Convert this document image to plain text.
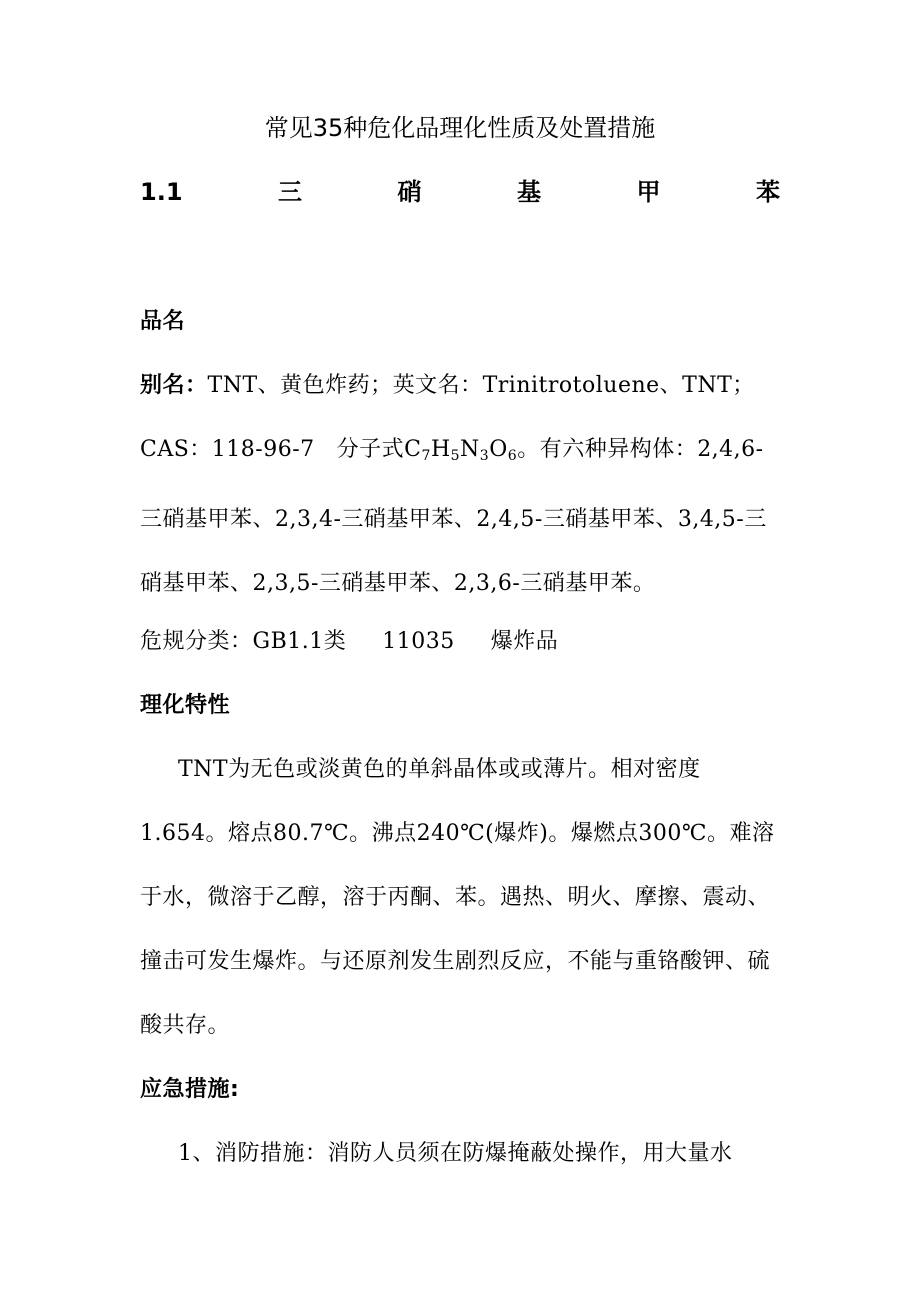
常见35种危化品理化性质及处置措施
1.1	三	硝	基	甲	苯

品名

别名：TNT、黄色炸药；英文名：Trinitrotoluene、TNT；
CAS：118-96-7 分子式$C_7H_5N_3O_6$。有六种异构体：2,4,6-三硝基甲苯、2,3,4-三硝基甲苯、2,4,5-三硝基甲苯、3,4,5-三硝基甲苯、2,3,5-三硝基甲苯、2,3,6-三硝基甲苯。

危规分类：GB1.1类 11035 爆炸品

理化特性

TNT为无色或淡黄色的单斜晶体或或薄片。相对密度1.654。熔点80.7℃。沸点240℃(爆炸)。爆燃点300℃。难溶于水，微溶于乙醇，溶于丙酮、苯。遇热、明火、摩擦、震动、撞击可发生爆炸。与还原剂发生剧烈反应，不能与重铬酸钾、硫酸共存。

应急措施:

1、消防措施：消防人员须在防爆掩蔽处操作，用大量水
